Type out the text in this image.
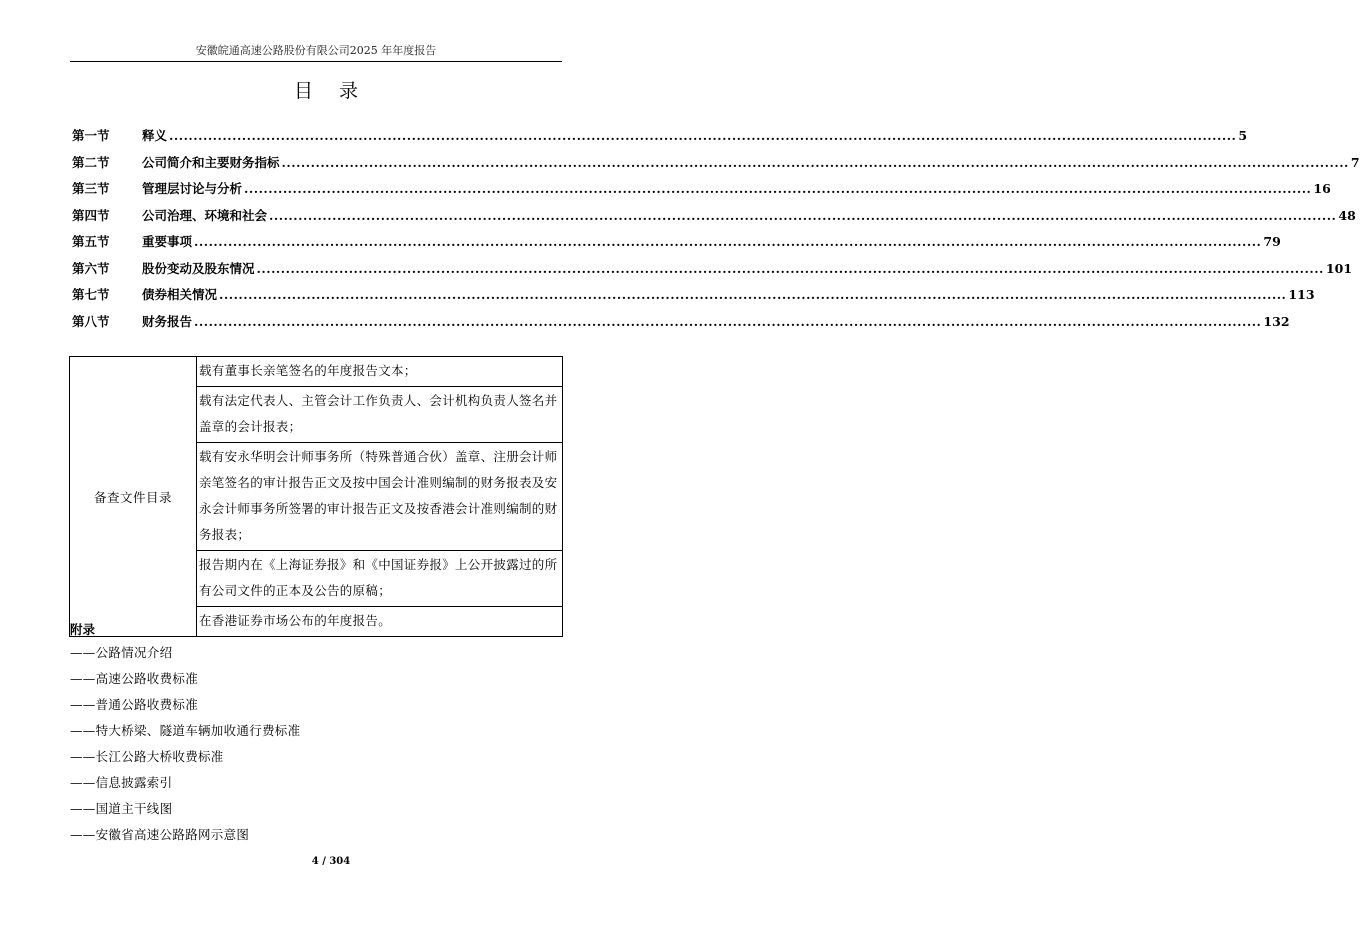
安徽皖通高速公路股份有限公司2025 年年度报告
目 录
第一节	释义 ............................................................................................................................................................................................................................ 5
第二节	公司简介和主要财务指标 ............................................................................................................................................................................................................................ 7
第三节	管理层讨论与分析 ............................................................................................................................................................................................................................ 16
第四节	公司治理、环境和社会 ............................................................................................................................................................................................................................ 48
第五节	重要事项 ............................................................................................................................................................................................................................ 79
第六节	股份变动及股东情况 ............................................................................................................................................................................................................................ 101
第七节	债券相关情况 ............................................................................................................................................................................................................................ 113
第八节	财务报告 ............................................................................................................................................................................................................................ 132
备查文件目录	载有董事长亲笔签名的年度报告文本；
载有法定代表人、主管会计工作负责人、会计机构负责人签名并盖章的会计报表；
载有安永华明会计师事务所（特殊普通合伙）盖章、注册会计师亲笔签名的审计报告正文及按中国会计准则编制的财务报表及安永会计师事务所签署的审计报告正文及按香港会计准则编制的财务报表；
报告期内在《上海证券报》和《中国证券报》上公开披露过的所有公司文件的正本及公告的原稿；
在香港证券市场公布的年度报告。
附录
——公路情况介绍
——高速公路收费标准
——普通公路收费标准
——特大桥梁、隧道车辆加收通行费标准
——长江公路大桥收费标准
——信息披露索引
——国道主干线图
——安徽省高速公路路网示意图
4 / 304
